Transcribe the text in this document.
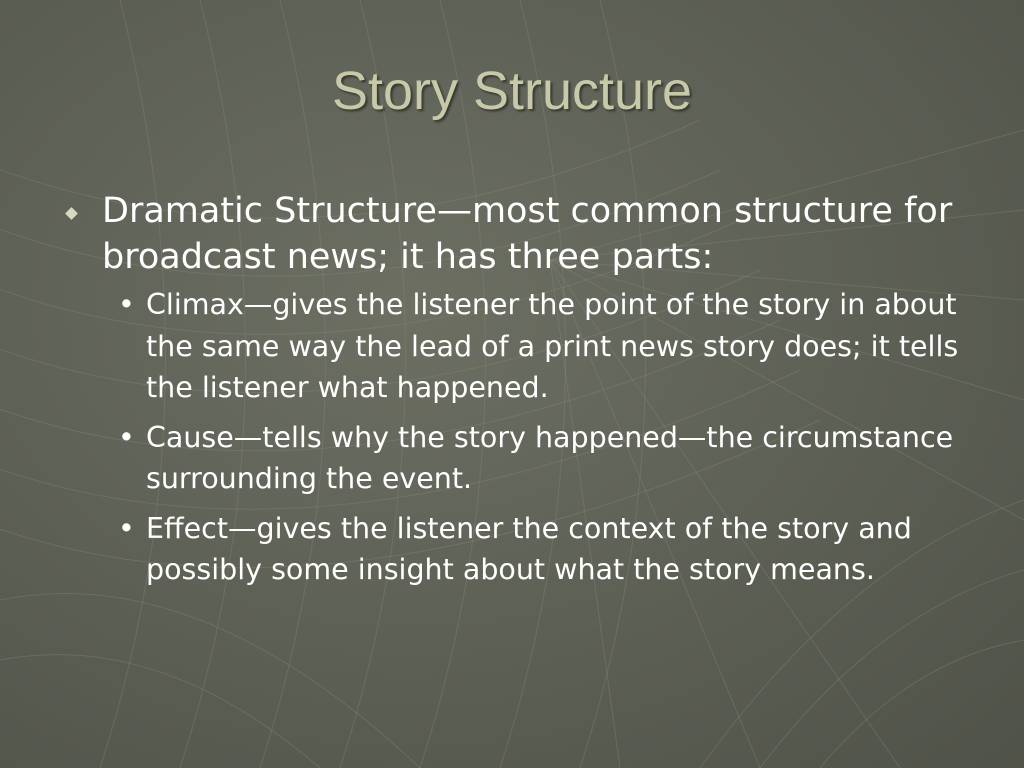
Story Structure
Dramatic Structure—most common structure for broadcast news; it has three parts:
• Climax—gives the listener the point of the story in about the same way the lead of a print news story does; it tells the listener what happened.
• Cause—tells why the story happened—the circumstance surrounding the event.
• Effect—gives the listener the context of the story and possibly some insight about what the story means.
